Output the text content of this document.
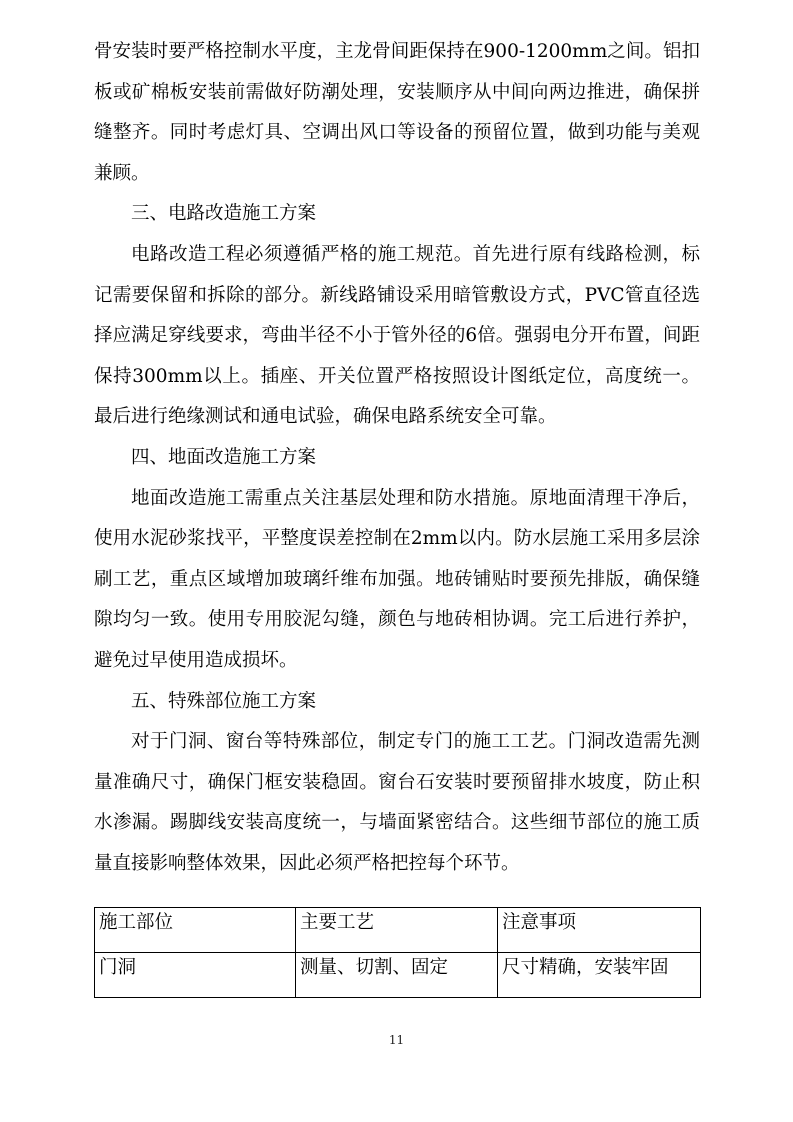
骨安装时要严格控制水平度，主龙骨间距保持在900-1200mm之间。铝扣板或矿棉板安装前需做好防潮处理，安装顺序从中间向两边推进，确保拼缝整齐。同时考虑灯具、空调出风口等设备的预留位置，做到功能与美观兼顾。

三、电路改造施工方案

电路改造工程必须遵循严格的施工规范。首先进行原有线路检测，标记需要保留和拆除的部分。新线路铺设采用暗管敷设方式，PVC管直径选择应满足穿线要求，弯曲半径不小于管外径的6倍。强弱电分开布置，间距保持300mm以上。插座、开关位置严格按照设计图纸定位，高度统一。最后进行绝缘测试和通电试验，确保电路系统安全可靠。

四、地面改造施工方案

地面改造施工需重点关注基层处理和防水措施。原地面清理干净后，使用水泥砂浆找平，平整度误差控制在2mm以内。防水层施工采用多层涂刷工艺，重点区域增加玻璃纤维布加强。地砖铺贴时要预先排版，确保缝隙均匀一致。使用专用胶泥勾缝，颜色与地砖相协调。完工后进行养护，避免过早使用造成损坏。

五、特殊部位施工方案

对于门洞、窗台等特殊部位，制定专门的施工工艺。门洞改造需先测量准确尺寸，确保门框安装稳固。窗台石安装时要预留排水坡度，防止积水渗漏。踢脚线安装高度统一，与墙面紧密结合。这些细节部位的施工质量直接影响整体效果，因此必须严格把控每个环节。

施工部位	主要工艺	注意事项
门洞	测量、切割、固定	尺寸精确，安装牢固
11
